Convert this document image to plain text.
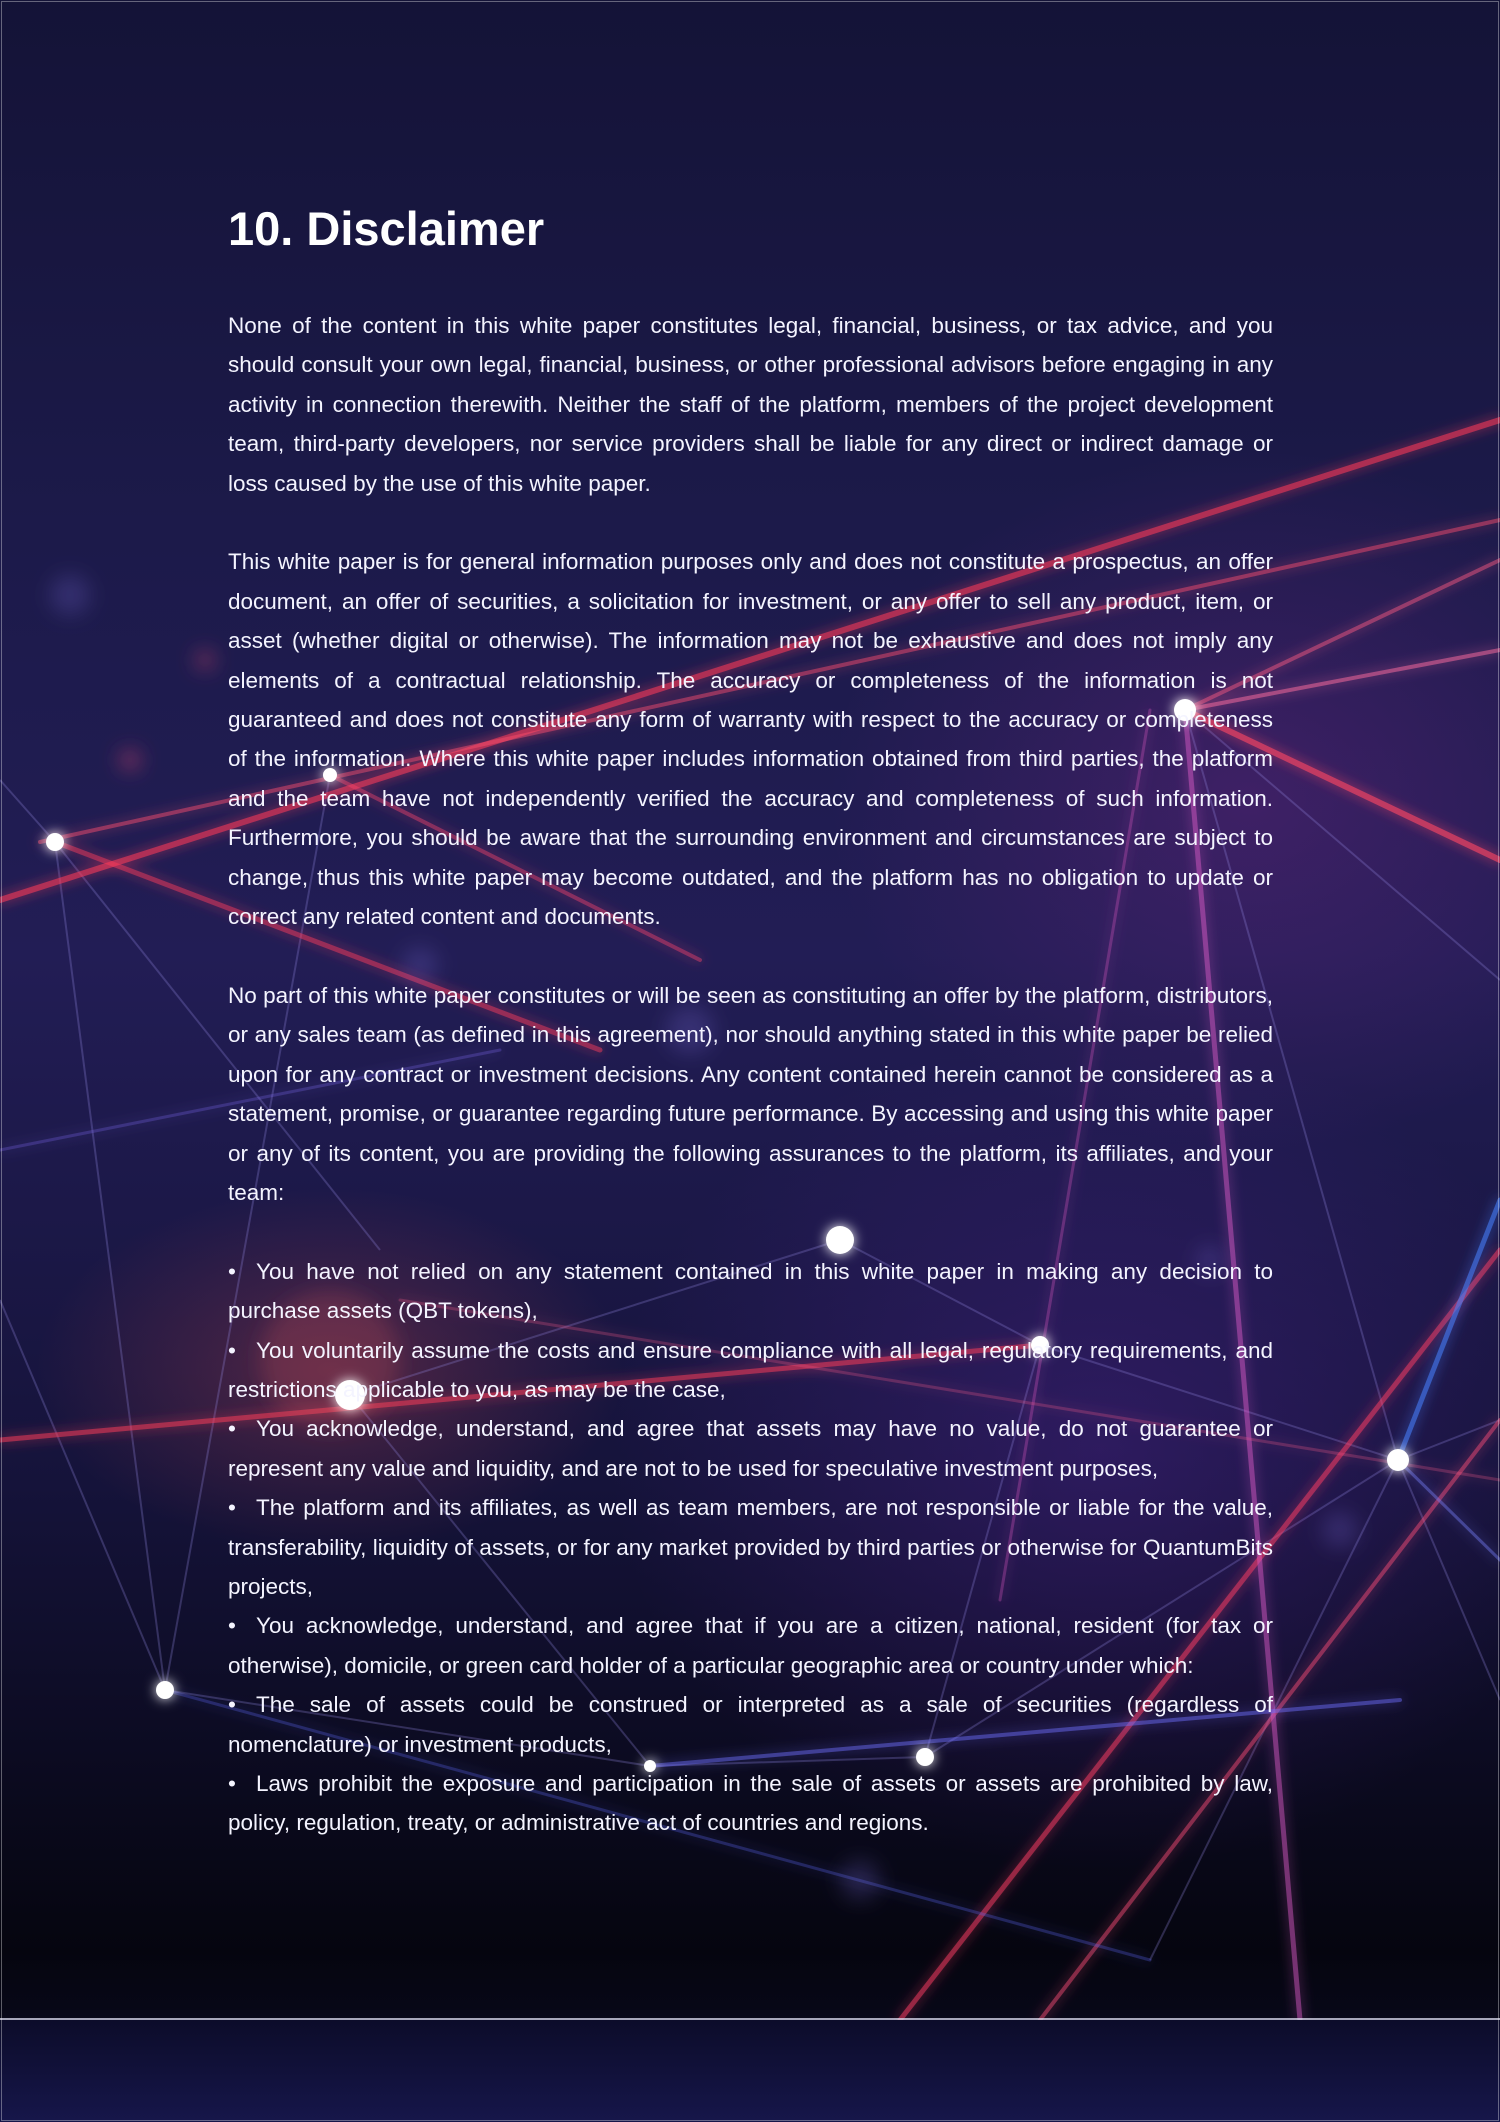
10. Disclaimer

None of the content in this white paper constitutes legal, financial, business, or tax advice, and you should consult your own legal, financial, business, or other professional advisors before engaging in any activity in connection therewith. Neither the staff of the platform, members of the project development team, third-party developers, nor service providers shall be liable for any direct or indirect damage or loss caused by the use of this white paper.

This white paper is for general information purposes only and does not constitute a prospectus, an offer document, an offer of securities, a solicitation for investment, or any offer to sell any product, item, or asset (whether digital or otherwise). The information may not be exhaustive and does not imply any elements of a contractual relationship. The accuracy or completeness of the information is not guaranteed and does not constitute any form of warranty with respect to the accuracy or completeness of the information. Where this white paper includes information obtained from third parties, the platform and the team have not independently verified the accuracy and completeness of such information. Furthermore, you should be aware that the surrounding environment and circumstances are subject to change, thus this white paper may become outdated, and the platform has no obligation to update or correct any related content and documents.

No part of this white paper constitutes or will be seen as constituting an offer by the platform, distributors, or any sales team (as defined in this agreement), nor should anything stated in this white paper be relied upon for any contract or investment decisions. Any content contained herein cannot be considered as a statement, promise, or guarantee regarding future performance. By accessing and using this white paper or any of its content, you are providing the following assurances to the platform, its affiliates, and your team:

• You have not relied on any statement contained in this white paper in making any decision to purchase assets (QBT tokens),
• You voluntarily assume the costs and ensure compliance with all legal, regulatory requirements, and restrictions applicable to you, as may be the case,
• You acknowledge, understand, and agree that assets may have no value, do not guarantee or represent any value and liquidity, and are not to be used for speculative investment purposes,
• The platform and its affiliates, as well as team members, are not responsible or liable for the value, transferability, liquidity of assets, or for any market provided by third parties or otherwise for QuantumBits projects,
• You acknowledge, understand, and agree that if you are a citizen, national, resident (for tax or otherwise), domicile, or green card holder of a particular geographic area or country under which:
• The sale of assets could be construed or interpreted as a sale of securities (regardless of nomenclature) or investment products,
• Laws prohibit the exposure and participation in the sale of assets or assets are prohibited by law, policy, regulation, treaty, or administrative act of countries and regions.
